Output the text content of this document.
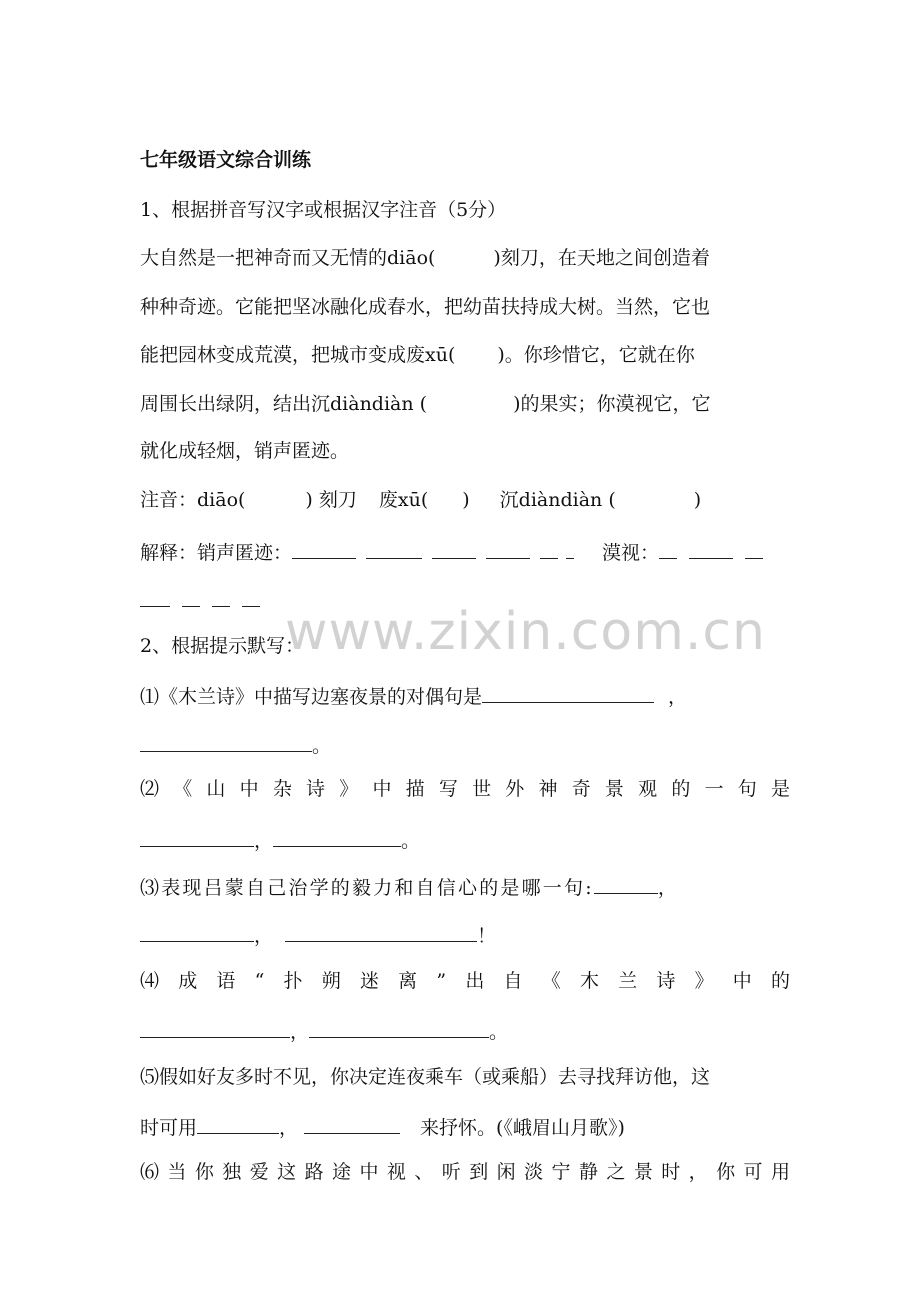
七年级语文综合训练
1、根据拼音写汉字或根据汉字注音（5分）
大自然是一把神奇而又无情的diāo(	)刻刀，在天地之间创造着
种种奇迹。它能把坚冰融化成春水，把幼苗扶持成大树。当然，它也
能把园林变成荒漠，把城市变成废xū( )。你珍惜它，它就在你
周围长出绿阴，结出沉diàndiàn (	)的果实；你漠视它，它
就化成轻烟，销声匿迹。
注音：diāo(	) 刻刀 废xū( ) 沉diàndiàn (	)
解释：销声匿迹：	漠视：
www.zixin.com.cn
2、根据提示默写：
⑴《木兰诗》中描写边塞夜景的对偶句是	，
。
⑵《山中杂诗》中描写世外神奇景观的一句是
，	。
⑶表现吕蒙自己治学的毅力和自信心的是哪一句:	，
，	！
⑷成语“扑朔迷离”出自《木兰诗》中的
，	。
⑸假如好友多时不见，你决定连夜乘车（或乘船）去寻找拜访他，这
时可用	，	来抒怀。(《峨眉山月歌》)
⑹当你独爱这路途中视、听到闲淡宁静之景时，你可用
